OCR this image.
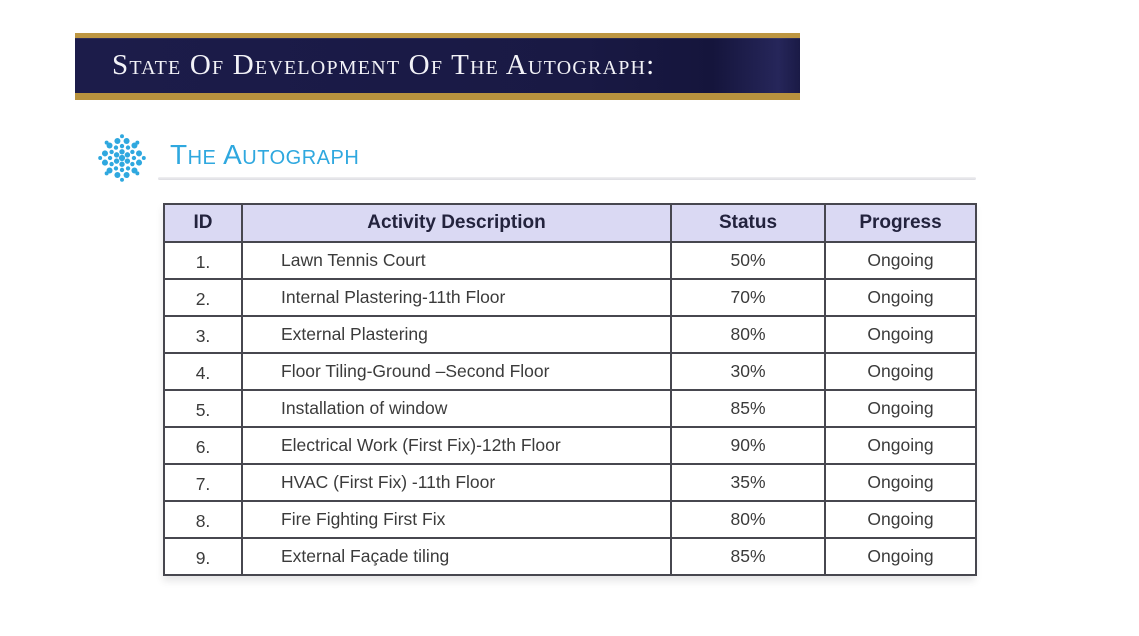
State Of Development Of The Autograph:
The Autograph
ID	Activity Description	Status	Progress
1.	Lawn Tennis Court	50%	Ongoing
2.	Internal Plastering-11th Floor	70%	Ongoing
3.	External Plastering	80%	Ongoing
4.	Floor Tiling-Ground –Second Floor	30%	Ongoing
5.	Installation of window	85%	Ongoing
6.	Electrical Work (First Fix)-12th Floor	90%	Ongoing
7.	HVAC (First Fix) -11th Floor	35%	Ongoing
8.	Fire Fighting First Fix	80%	Ongoing
9.	External Façade tiling	85%	Ongoing
